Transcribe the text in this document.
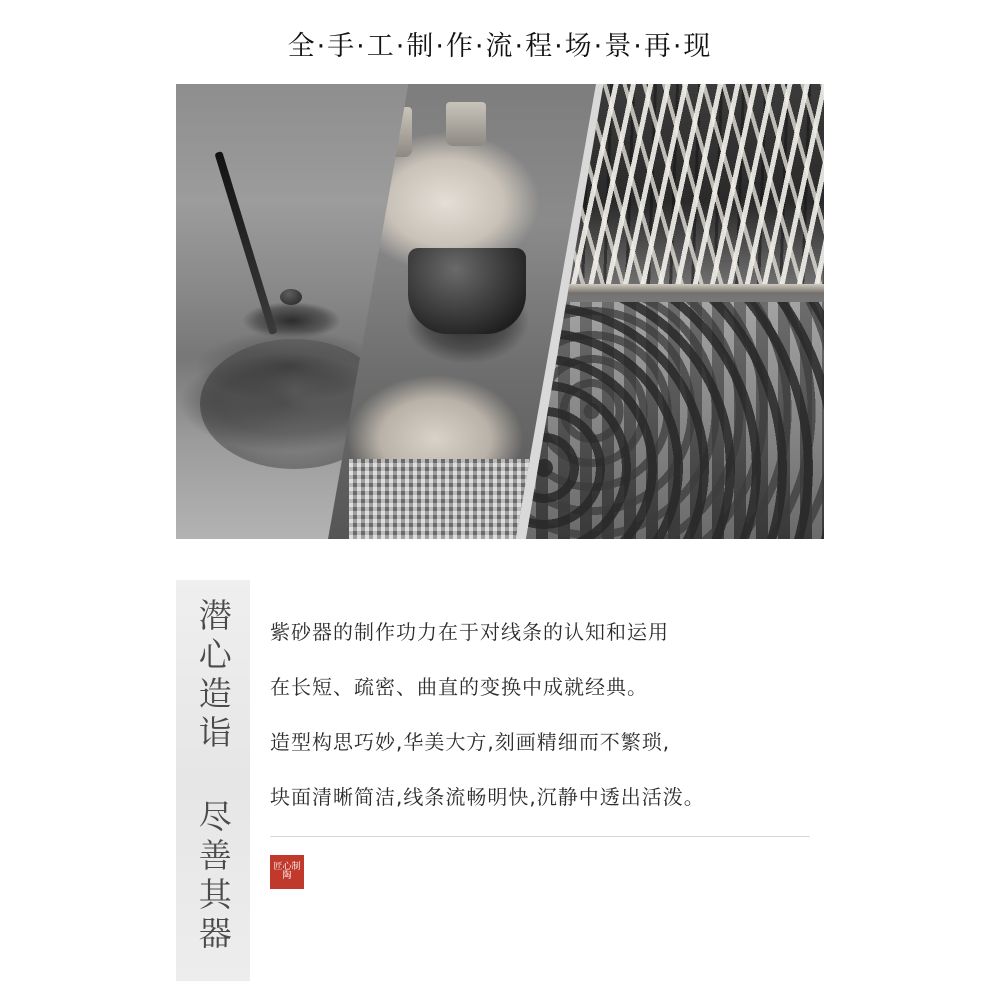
全·手·工·制·作·流·程·场·景·再·现
潜心造诣 尽善其器 紫砂器的制作功力在于对线条的认知和运用

在长短、疏密、曲直的变换中成就经典。

造型构思巧妙,华美大方,刻画精细而不繁琐,

块面清晰简洁,线条流畅明快,沉静中透出活泼。

匠心制陶
